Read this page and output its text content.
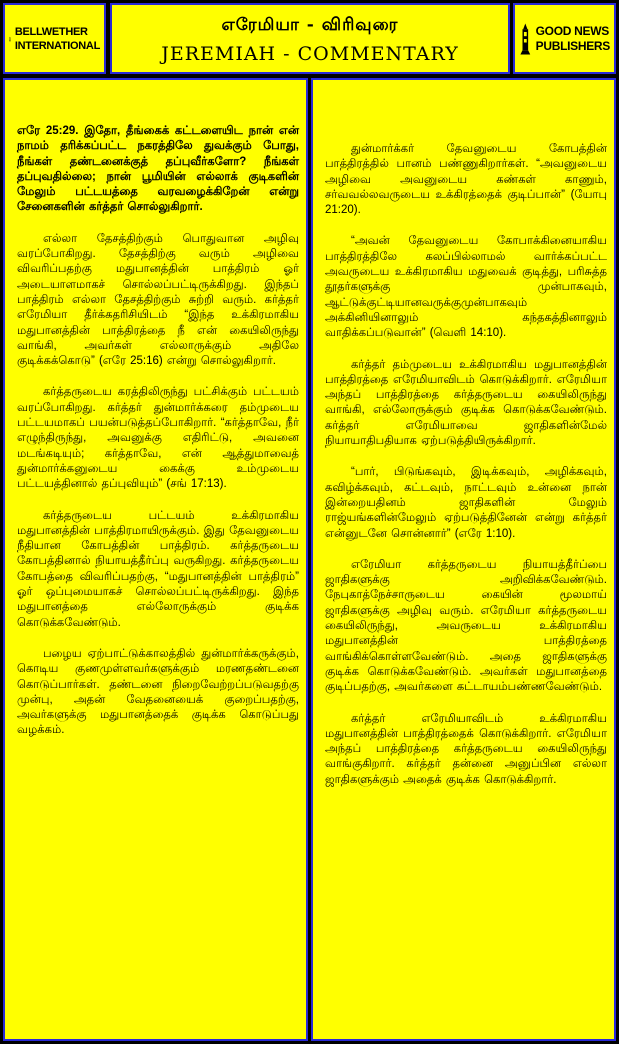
BELLWETHER
INTERNATIONAL
எரேமியா - விரிவுரை
JEREMIAH - COMMENTARY
GOOD NEWS
PUBLISHERS

எரே 25:29. இதோ, தீங்கைக் கட்டளையிட நான் என் நாமம் தரிக்கப்பட்ட நகரத்திலே துவக்கும் போது, நீங்கள் தண்டனைக்குத் தப்புவீர்களோ? நீங்கள் தப்புவதில்லை; நான் பூமியின் எல்லாக் குடிகளின் மேலும் பட்டயத்தை வரவழைக்கிறேன் என்று சேனைகளின் கர்த்தர் சொல்லுகிறார்.

எல்லா தேசத்திற்கும் பொதுவான அழிவு வரப்போகிறது. தேசத்திற்கு வரும் அழிவை விவரிப்பதற்கு மதுபானத்தின் பாத்திரம் ஓர் அடையாளமாகச் சொல்லப்பட்டிருக்கிறது. இந்தப் பாத்திரம் எல்லா தேசத்திற்கும் சுற்றி வரும். கர்த்தர் எரேமியா தீர்க்கதரிசியிடம் “இந்த உக்கிரமாகிய மதுபானத்தின் பாத்திரத்தை நீ என் கையிலிருந்து வாங்கி, அவர்கள் எல்லாருக்கும் அதிலே குடிக்கக்கொடு” (எரே 25:16) என்று சொல்லுகிறார்.

கர்த்தருடைய கரத்திலிருந்து பட்சிக்கும் பட்டயம் வரப்போகிறது. கர்த்தர் துன்மார்க்கரை தம்முடைய பட்டயமாகப் பயன்படுத்தப்போகிறார். “கர்த்தாவே, நீர் எழுந்திருந்து, அவனுக்கு எதிரிட்டு, அவனை மடங்கடியும்; கர்த்தாவே, என் ஆத்துமாவைத் துன்மார்க்கனுடைய கைக்கு உம்முடைய பட்டயத்தினால் தப்புவியும்” (சங் 17:13).

கர்த்தருடைய பட்டயம் உக்கிரமாகிய மதுபானத்தின் பாத்திரமாயிருக்கும். இது தேவனுடைய நீதியான கோபத்தின் பாத்திரம். கர்த்தருடைய கோபத்தினால் நியாயத்தீர்ப்பு வருகிறது. கர்த்தருடைய கோபத்தை விவரிப்பதற்கு, “மதுபானத்தின் பாத்திரம்” ஓர் ஒப்புமையாகச் சொல்லப்பட்டிருக்கிறது. இந்த மதுபானத்தை எல்லோருக்கும் குடிக்க கொடுக்கவேண்டும்.

பழைய ஏற்பாட்டுக்காலத்தில் துன்மார்க்கருக்கும், கொடிய குணமுள்ளவர்களுக்கும் மரணதண்டனை கொடுப்பார்கள். தண்டனை நிறைவேற்றப்படுவதற்கு முன்பு, அதன் வேதனையைக் குறைப்பதற்கு, அவர்களுக்கு மதுபானத்தைக் குடிக்க கொடுப்பது வழக்கம்.

துன்மார்க்கர் தேவனுடைய கோபத்தின் பாத்திரத்தில் பானம் பண்ணுகிறார்கள். “அவனுடைய அழிவை அவனுடைய கண்கள் காணும், சர்வவல்லவருடைய உக்கிரத்தைக் குடிப்பான்” (யோபு 21:20).

“அவன் தேவனுடைய கோபாக்கினையாகிய பாத்திரத்திலே கலப்பில்லாமல் வார்க்கப்பட்ட அவருடைய உக்கிரமாகிய மதுவைக் குடித்து, பரிசுத்த தூதர்களுக்கு முன்பாகவும், ஆட்டுக்குட்டியானவருக்குமுன்பாகவும் அக்கினியினாலும் கந்தகத்தினாலும் வாதிக்கப்படுவான்” (வெளி 14:10).

கர்த்தர் தம்முடைய உக்கிரமாகிய மதுபானத்தின் பாத்திரத்தை எரேமியாவிடம் கொடுக்கிறார். எரேமியா அந்தப் பாத்திரத்தை கர்த்தருடைய கையிலிருந்து வாங்கி, எல்லோருக்கும் குடிக்க கொடுக்கவேண்டும். கர்த்தர் எரேமியாவை ஜாதிகளின்மேல் நியாயாதிபதியாக ஏற்படுத்தியிருக்கிறார்.

“பார், பிடுங்கவும், இடிக்கவும், அழிக்கவும், கவிழ்க்கவும், கட்டவும், நாட்டவும் உன்னை நான் இன்றையதினம் ஜாதிகளின் மேலும் ராஜ்யங்களின்மேலும் ஏற்படுத்தினேன் என்று கர்த்தர் என்னுடனே சொன்னார்” (எரே 1:10).

எரேமியா கர்த்தருடைய நியாயத்தீர்ப்பை ஜாதிகளுக்கு அறிவிக்கவேண்டும். நேபுகாத்நேச்சாருடைய கையின் மூலமாய் ஜாதிகளுக்கு அழிவு வரும். எரேமியா கர்த்தருடைய கையிலிருந்து, அவருடைய உக்கிரமாகிய மதுபானத்தின் பாத்திரத்தை வாங்கிக்கொள்ளவேண்டும். அதை ஜாதிகளுக்கு குடிக்க கொடுக்கவேண்டும். அவர்கள் மதுபானத்தை குடிப்பதற்கு, அவர்களை கட்டாயம்பண்ணவேண்டும்.

கர்த்தர் எரேமியாவிடம் உக்கிரமாகிய மதுபானத்தின் பாத்திரத்தைக் கொடுக்கிறார். எரேமியா அந்தப் பாத்திரத்தை கர்த்தருடைய கையிலிருந்து வாங்குகிறார். கர்த்தர் தன்னை அனுப்பின எல்லா ஜாதிகளுக்கும் அதைக் குடிக்க கொடுக்கிறார்.
